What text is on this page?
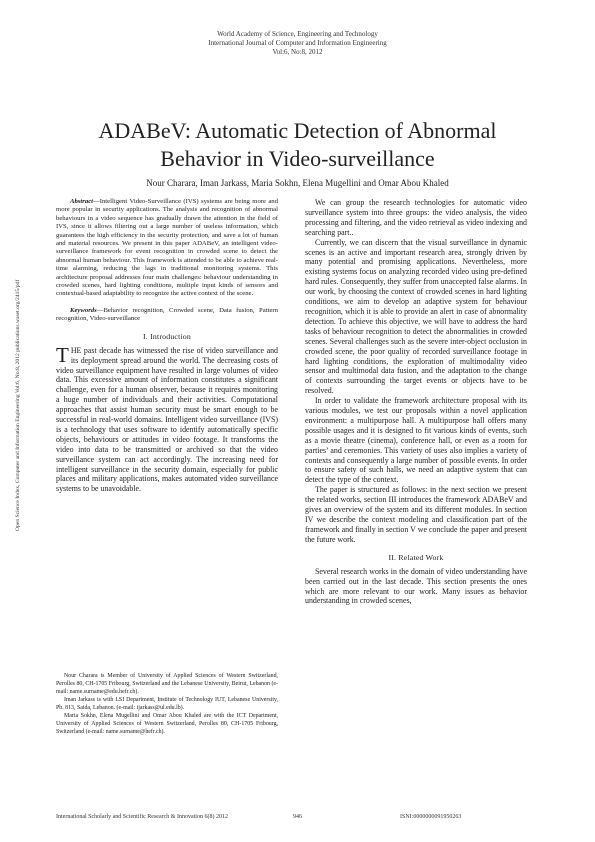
World Academy of Science, Engineering and Technology
International Journal of Computer and Information Engineering
Vol:6, No:8, 2012
ADABeV: Automatic Detection of Abnormal Behavior in Video-surveillance
Nour Charara, Iman Jarkass, Maria Sokhn, Elena Mugellini and Omar Abou Khaled
Open Science Index, Computer and Information Engineering Vol:6, No:8, 2012 publications.waset.org/2415/pdf

Abstract—Intelligent Video-Surveillance (IVS) systems are being more and more popular in security applications. The analysis and recognition of abnormal behaviours in a video sequence has gradually drawn the attention in the field of IVS, since it allows filtering out a large number of useless information, which guarantees the high efficiency in the security protection, and save a lot of human and material resources. We present in this paper ADABeV, an intelligent video-surveillance framework for event recognition in crowded scene to detect the abnormal human behaviour. This framework is attended to be able to achieve real-time alarming, reducing the lags in traditional monitoring systems. This architecture proposal addresses four main challenges: behaviour understanding in crowded scenes, hard lighting conditions, multiple input kinds of sensors and contextual-based adaptability to recognize the active context of the scene.

Keywords—Behavior recognition, Crowded scene, Data fusion, Pattern recognition, Video-surveillance

I. Introduction

THE past decade has witnessed the rise of video surveillance and its deployment spread around the world. The decreasing costs of video surveillance equipment have resulted in large volumes of video data. This excessive amount of information constitutes a significant challenge, even for a human observer, because it requires monitoring a huge number of individuals and their activities. Computational approaches that assist human security must be smart enough to be successful in real-world domains. Intelligent video surveillance (IVS) is a technology that uses software to identify automatically specific objects, behaviours or attitudes in video footage. It transforms the video into data to be transmitted or archived so that the video surveillance system can act accordingly. The increasing need for intelligent surveillance in the security domain, especially for public places and military applications, makes automated video surveillance systems to be unavoidable.

Nour Charara is Member of University of Applied Sciences of Western Switzerland, Perolles 80, CH-1705 Fribourg, Switzerland and the Lebanese University, Beirut, Lebanon (e-mail: name.surname@edu.hefr.ch).

Iman Jarkass is with LSI Department, Institute of Technology IUT, Lebanese University, Pb. 813, Saida, Lebanon. (e-mail: ijarkass@ul.edu.lb).

Maria Sokhn, Elena Mugellini and Omar Abou Khaled are with the ICT Department, University of Applied Sciences of Western Switzerland, Perolles 80, CH-1705 Fribourg, Switzerland (e-mail: name.surname@hefr.ch).

We can group the research technologies for automatic video surveillance system into three groups: the video analysis, the video processing and filtering, and the video retrieval as video indexing and searching part..

Currently, we can discern that the visual surveillance in dynamic scenes is an active and important research area, strongly driven by many potential and promising applications. Nevertheless, more existing systems focus on analyzing recorded video using pre-defined hard rules. Consequently, they suffer from unaccepted false alarms. In our work, by choosing the context of crowded scenes in hard lighting conditions, we aim to develop an adaptive system for behaviour recognition, which it is able to provide an alert in case of abnormality detection. To achieve this objective, we will have to address the hard tasks of behaviour recognition to detect the abnormalities in crowded scenes. Several challenges such as the severe inter-object occlusion in crowded scene, the poor quality of recorded surveillance footage in hard lighting conditions, the exploration of multimodality video sensor and multimodal data fusion, and the adaptation to the change of contexts surrounding the target events or objects have to be resolved.

In order to validate the framework architecture proposal with its various modules, we test our proposals within a novel application environment: a multipurpose hall. A multipurpose hall offers many possible usages and it is designed to fit various kinds of events, such as a movie theatre (cinema), conference hall, or even as a room for parties’ and ceremonies. This variety of uses also implies a variety of contexts and consequently a large number of possible events. In order to ensure safety of such halls, we need an adaptive system that can detect the type of the context.

The paper is structured as follows: in the next section we present the related works, section III introduces the framework ADABeV and gives an overview of the system and its different modules. In section IV we describe the context modeling and classification part of the framework and finally in section V we conclude the paper and present the future work.

II. Related Work

Several research works in the domain of video understanding have been carried out in the last decade. This section presents the ones which are more relevant to our work. Many issues as behavior understanding in crowded scenes,

International Scholarly and Scientific Research & Innovation 6(8) 2012	946	ISNI:0000000091950263
